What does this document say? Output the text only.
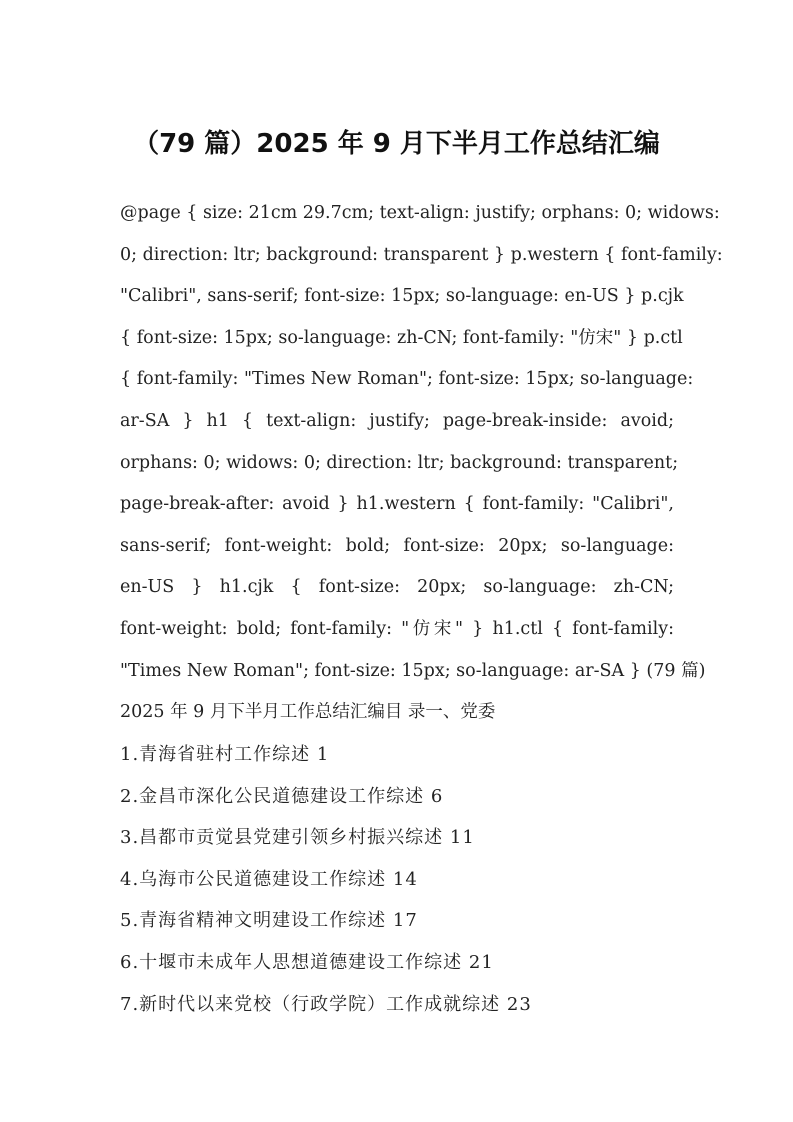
（79 篇）2025 年 9 月下半月工作总结汇编
@page { size: 21cm 29.7cm; text-align: justify; orphans: 0; widows:
0; direction: ltr; background: transparent } p.western { font-family:
"Calibri", sans-serif; font-size: 15px; so-language: en-US } p.cjk
{ font-size: 15px; so-language: zh-CN; font-family: "仿宋" } p.ctl
{ font-family: "Times New Roman"; font-size: 15px; so-language:
ar-SA } h1 { text-align: justify; page-break-inside: avoid;
orphans: 0; widows: 0; direction: ltr; background: transparent;
page-break-after: avoid } h1.western { font-family: "Calibri",
sans-serif; font-weight: bold; font-size: 20px; so-language:
en-US } h1.cjk { font-size: 20px; so-language: zh-CN;
font-weight: bold; font-family: "仿宋" } h1.ctl { font-family:
"Times New Roman"; font-size: 15px; so-language: ar-SA } (79 篇)
2025 年 9 月下半月工作总结汇编目 录一、党委
1.青海省驻村工作综述 1
2.金昌市深化公民道德建设工作综述 6
3.昌都市贡觉县党建引领乡村振兴综述 11
4.乌海市公民道德建设工作综述 14
5.青海省精神文明建设工作综述 17
6.十堰市未成年人思想道德建设工作综述 21
7.新时代以来党校（行政学院）工作成就综述 23
